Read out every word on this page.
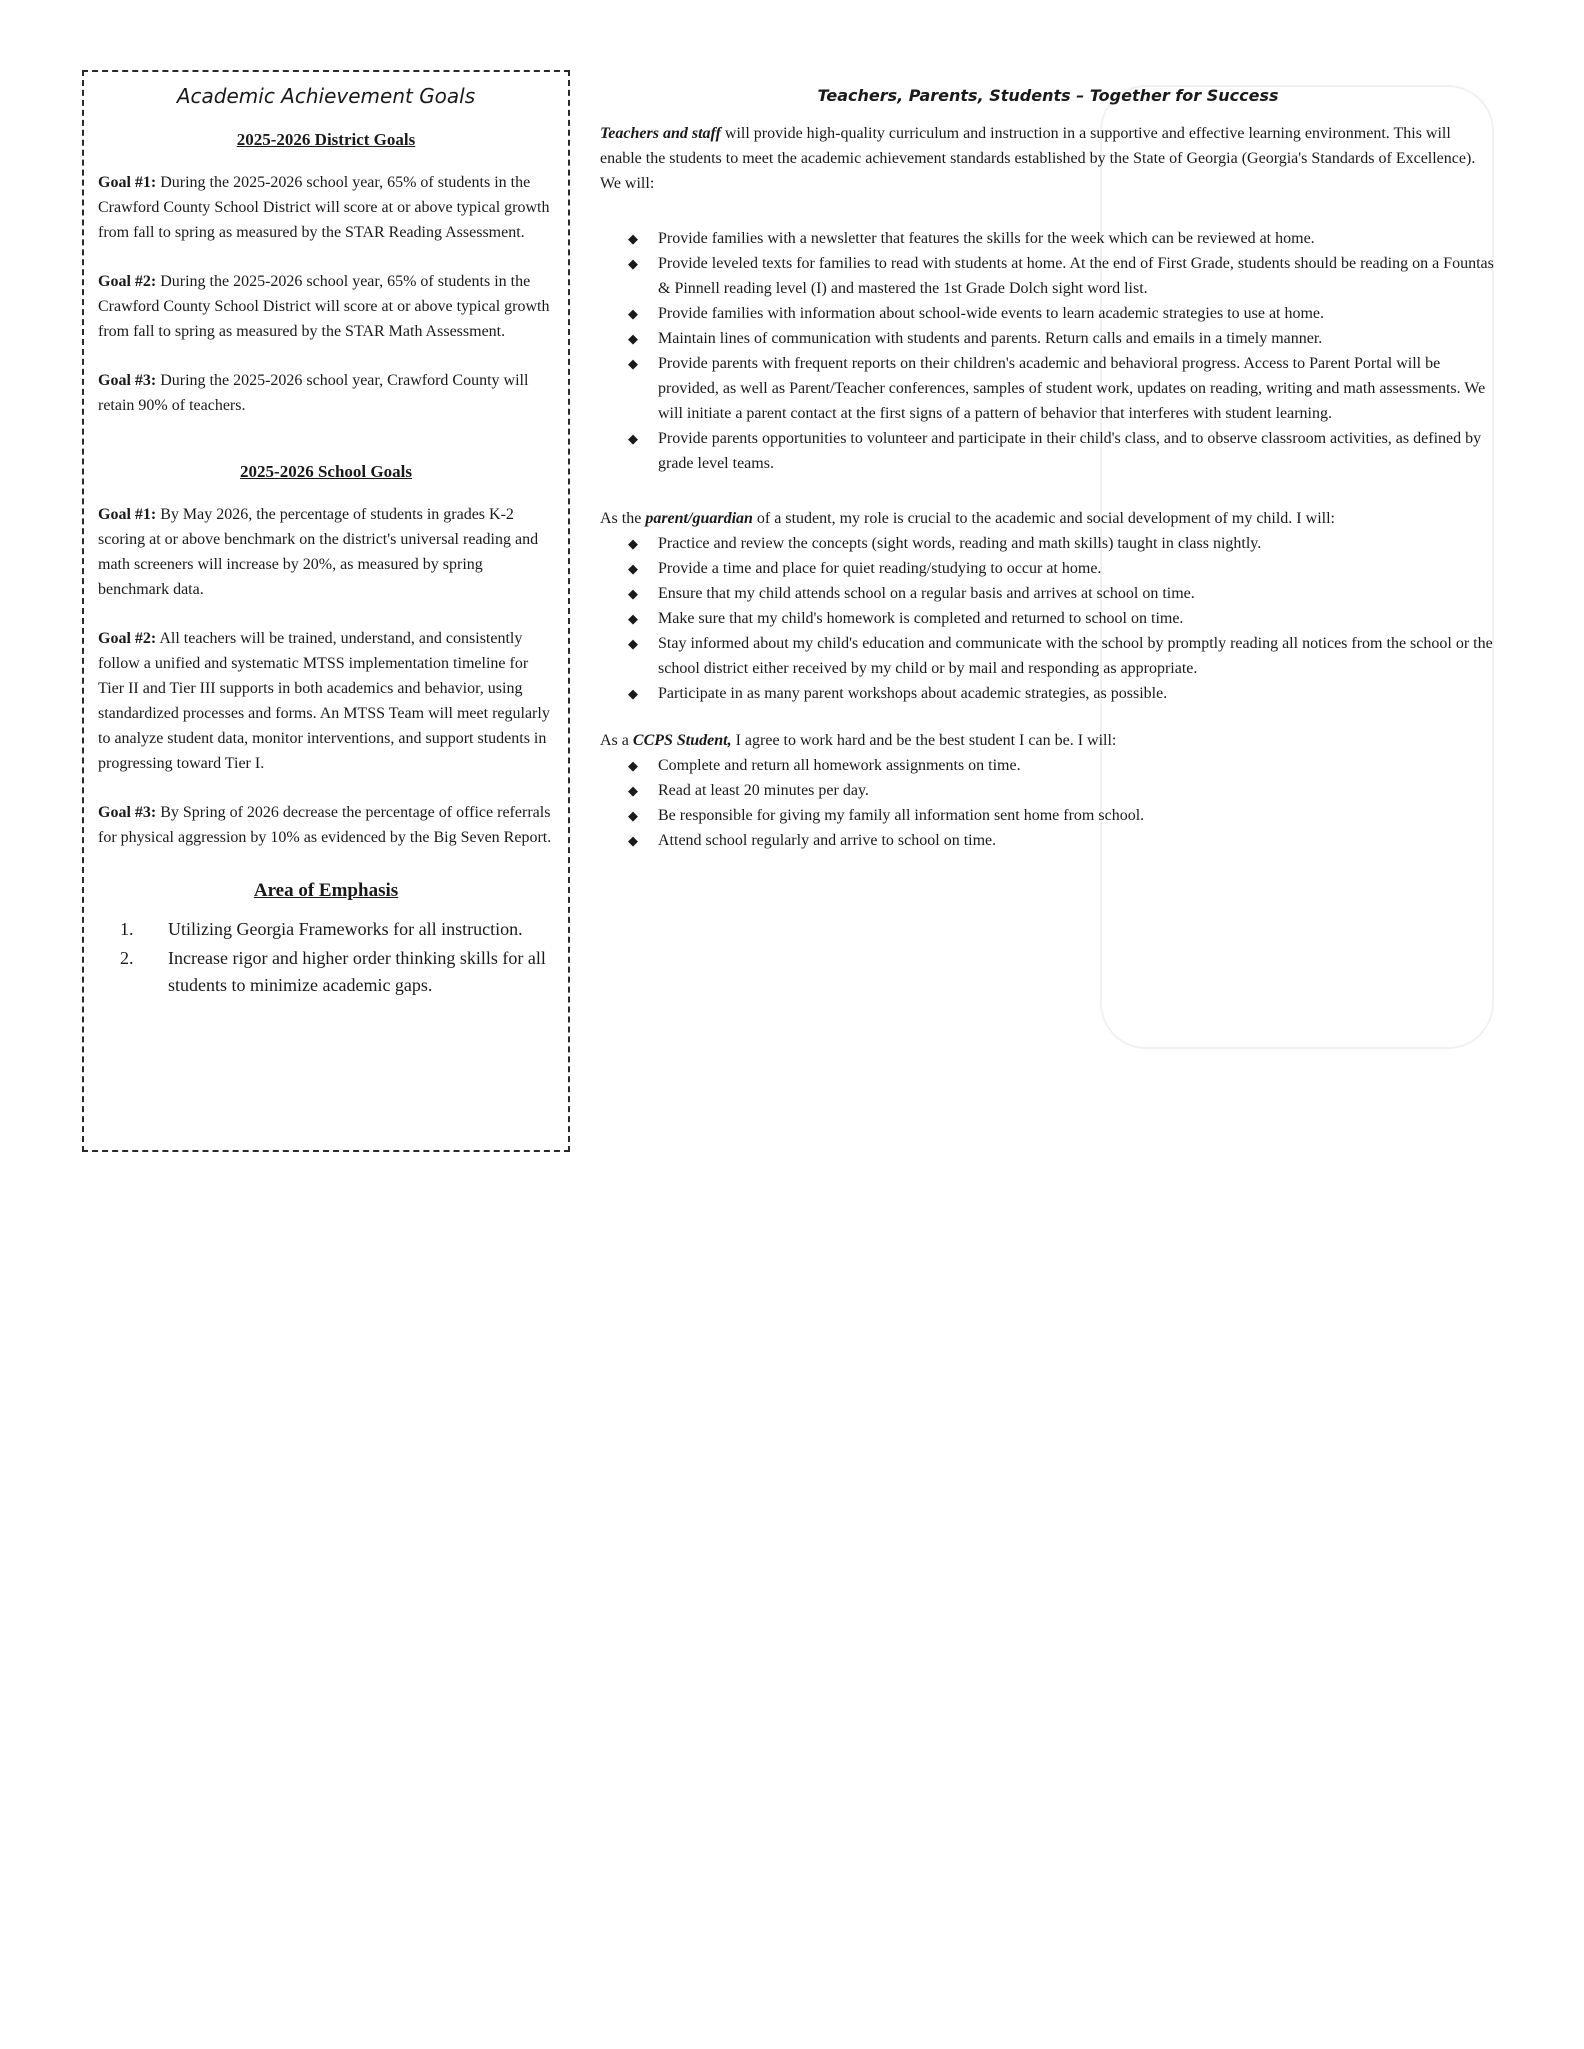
Academic Achievement Goals
2025-2026 District Goals
Goal #1: During the 2025-2026 school year, 65% of students in the Crawford County School District will score at or above typical growth from fall to spring as measured by the STAR Reading Assessment.
Goal #2: During the 2025-2026 school year, 65% of students in the Crawford County School District will score at or above typical growth from fall to spring as measured by the STAR Math Assessment.
Goal #3: During the 2025-2026 school year, Crawford County will retain 90% of teachers.
2025-2026 School Goals
Goal #1: By May 2026, the percentage of students in grades K-2 scoring at or above benchmark on the district's universal reading and math screeners will increase by 20%, as measured by spring benchmark data.
Goal #2: All teachers will be trained, understand, and consistently follow a unified and systematic MTSS implementation timeline for Tier II and Tier III supports in both academics and behavior, using standardized processes and forms. An MTSS Team will meet regularly to analyze student data, monitor interventions, and support students in progressing toward Tier I.
Goal #3: By Spring of 2026 decrease the percentage of office referrals for physical aggression by 10% as evidenced by the Big Seven Report.
Area of Emphasis
1.	Utilizing Georgia Frameworks for all instruction.
2.	Increase rigor and higher order thinking skills for all students to minimize academic gaps.
Teachers, Parents, Students – Together for Success
Teachers and staff will provide high-quality curriculum and instruction in a supportive and effective learning environment. This will enable the students to meet the academic achievement standards established by the State of Georgia (Georgia's Standards of Excellence). We will:
◆	Provide families with a newsletter that features the skills for the week which can be reviewed at home.
◆	Provide leveled texts for families to read with students at home. At the end of First Grade, students should be reading on a Fountas & Pinnell reading level (I) and mastered the 1st Grade Dolch sight word list.
◆	Provide families with information about school-wide events to learn academic strategies to use at home.
◆	Maintain lines of communication with students and parents. Return calls and emails in a timely manner.
◆	Provide parents with frequent reports on their children's academic and behavioral progress. Access to Parent Portal will be provided, as well as Parent/Teacher conferences, samples of student work, updates on reading, writing and math assessments. We will initiate a parent contact at the first signs of a pattern of behavior that interferes with student learning.
◆	Provide parents opportunities to volunteer and participate in their child's class, and to observe classroom activities, as defined by grade level teams.
As the parent/guardian of a student, my role is crucial to the academic and social development of my child. I will:
◆	Practice and review the concepts (sight words, reading and math skills) taught in class nightly.
◆	Provide a time and place for quiet reading/studying to occur at home.
◆	Ensure that my child attends school on a regular basis and arrives at school on time.
◆	Make sure that my child's homework is completed and returned to school on time.
◆	Stay informed about my child's education and communicate with the school by promptly reading all notices from the school or the school district either received by my child or by mail and responding as appropriate.
◆	Participate in as many parent workshops about academic strategies, as possible.
As a CCPS Student, I agree to work hard and be the best student I can be. I will:
◆	Complete and return all homework assignments on time.
◆	Read at least 20 minutes per day.
◆	Be responsible for giving my family all information sent home from school.
◆	Attend school regularly and arrive to school on time.
